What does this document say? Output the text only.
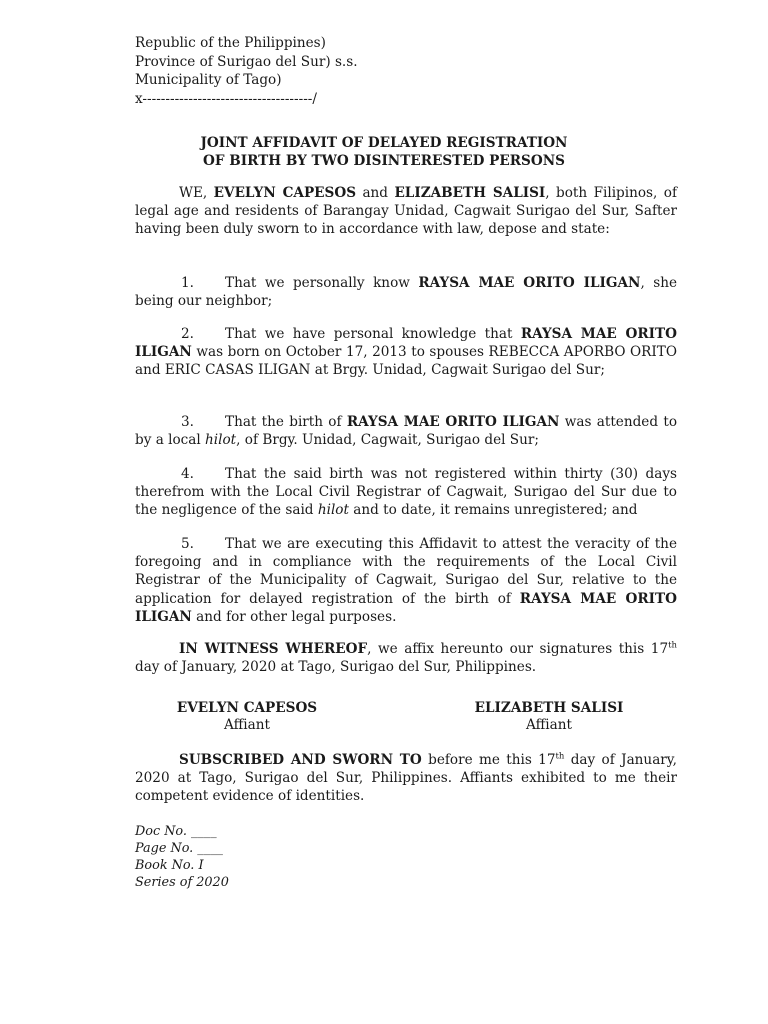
Republic of the Philippines)
Province of Surigao del Sur) s.s.
Municipality of Tago)
x-------------------------------------/
JOINT AFFIDAVIT OF DELAYED REGISTRATION
OF BIRTH BY TWO DISINTERESTED PERSONS
WE, EVELYN CAPESOS and ELIZABETH SALISI, both Filipinos, of legal age and residents of Barangay Unidad, Cagwait Surigao del Sur, Safter having been duly sworn to in accordance with law, depose and state:
1. That we personally know RAYSA MAE ORITO ILIGAN, she being our neighbor;
2. That we have personal knowledge that RAYSA MAE ORITO ILIGAN was born on October 17, 2013 to spouses REBECCA APORBO ORITO and ERIC CASAS ILIGAN at Brgy. Unidad, Cagwait Surigao del Sur;
3. That the birth of RAYSA MAE ORITO ILIGAN was attended to by a local hilot, of Brgy. Unidad, Cagwait, Surigao del Sur;
4. That the said birth was not registered within thirty (30) days therefrom with the Local Civil Registrar of Cagwait, Surigao del Sur due to the negligence of the said hilot and to date, it remains unregistered; and
5. That we are executing this Affidavit to attest the veracity of the foregoing and in compliance with the requirements of the Local Civil Registrar of the Municipality of Cagwait, Surigao del Sur, relative to the application for delayed registration of the birth of RAYSA MAE ORITO ILIGAN and for other legal purposes.
IN WITNESS WHEREOF, we affix hereunto our signatures this 17th day of January, 2020 at Tago, Surigao del Sur, Philippines.
EVELYN CAPESOS
Affiant
ELIZABETH SALISI
Affiant
SUBSCRIBED AND SWORN TO before me this 17th day of January, 2020 at Tago, Surigao del Sur, Philippines. Affiants exhibited to me their competent evidence of identities.
Doc No. ____
Page No. ____
Book No. I
Series of 2020
